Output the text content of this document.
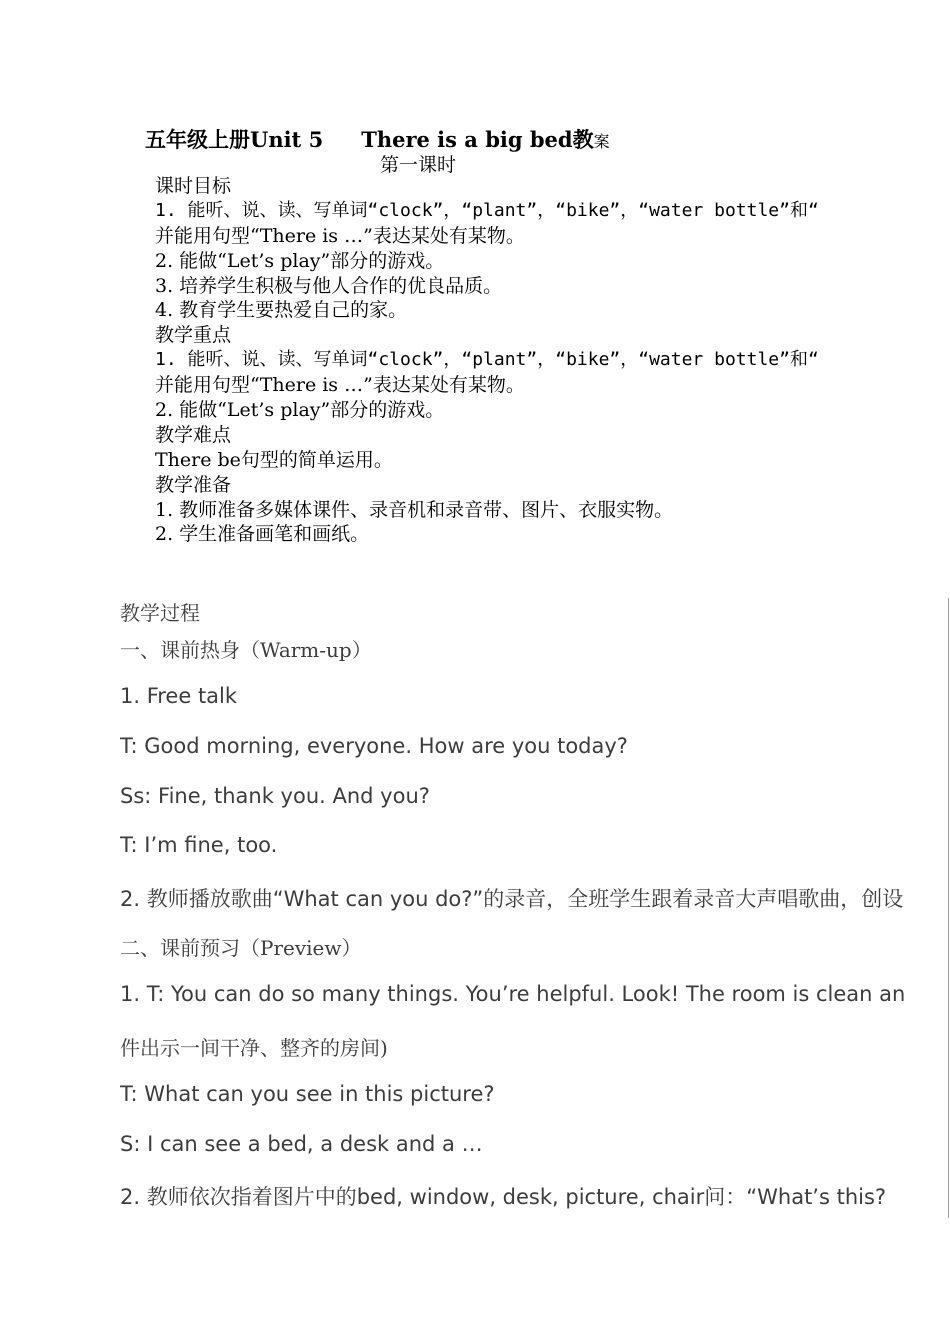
五年级上册Unit 5 There is a big bed教案
第一课时
课时目标
1. 能听、说、读、写单词“clock”，“plant”，“bike”，“water bottle”和“
并能用句型“There is …”表达某处有某物。
2. 能做“Let’s play”部分的游戏。
3. 培养学生积极与他人合作的优良品质。
4. 教育学生要热爱自己的家。
教学重点
1. 能听、说、读、写单词“clock”，“plant”，“bike”，“water bottle”和“
并能用句型“There is …”表达某处有某物。
2. 能做“Let’s play”部分的游戏。
教学难点
There be句型的简单运用。
教学准备
1. 教师准备多媒体课件、录音机和录音带、图片、衣服实物。
2. 学生准备画笔和画纸。
教学过程
一、课前热身（Warm-up）
1. Free talk
T: Good morning, everyone. How are you today?
Ss: Fine, thank you. And you?
T: I’m fine, too.
2. 教师播放歌曲“What can you do?”的录音，全班学生跟着录音大声唱歌曲，创设
二、课前预习（Preview）
1. T: You can do so many things. You’re helpful. Look! The room is clean an
件出示一间干净、整齐的房间)
T: What can you see in this picture?
S: I can see a bed, a desk and a …
2. 教师依次指着图片中的bed, window, desk, picture, chair问：“What’s this?
